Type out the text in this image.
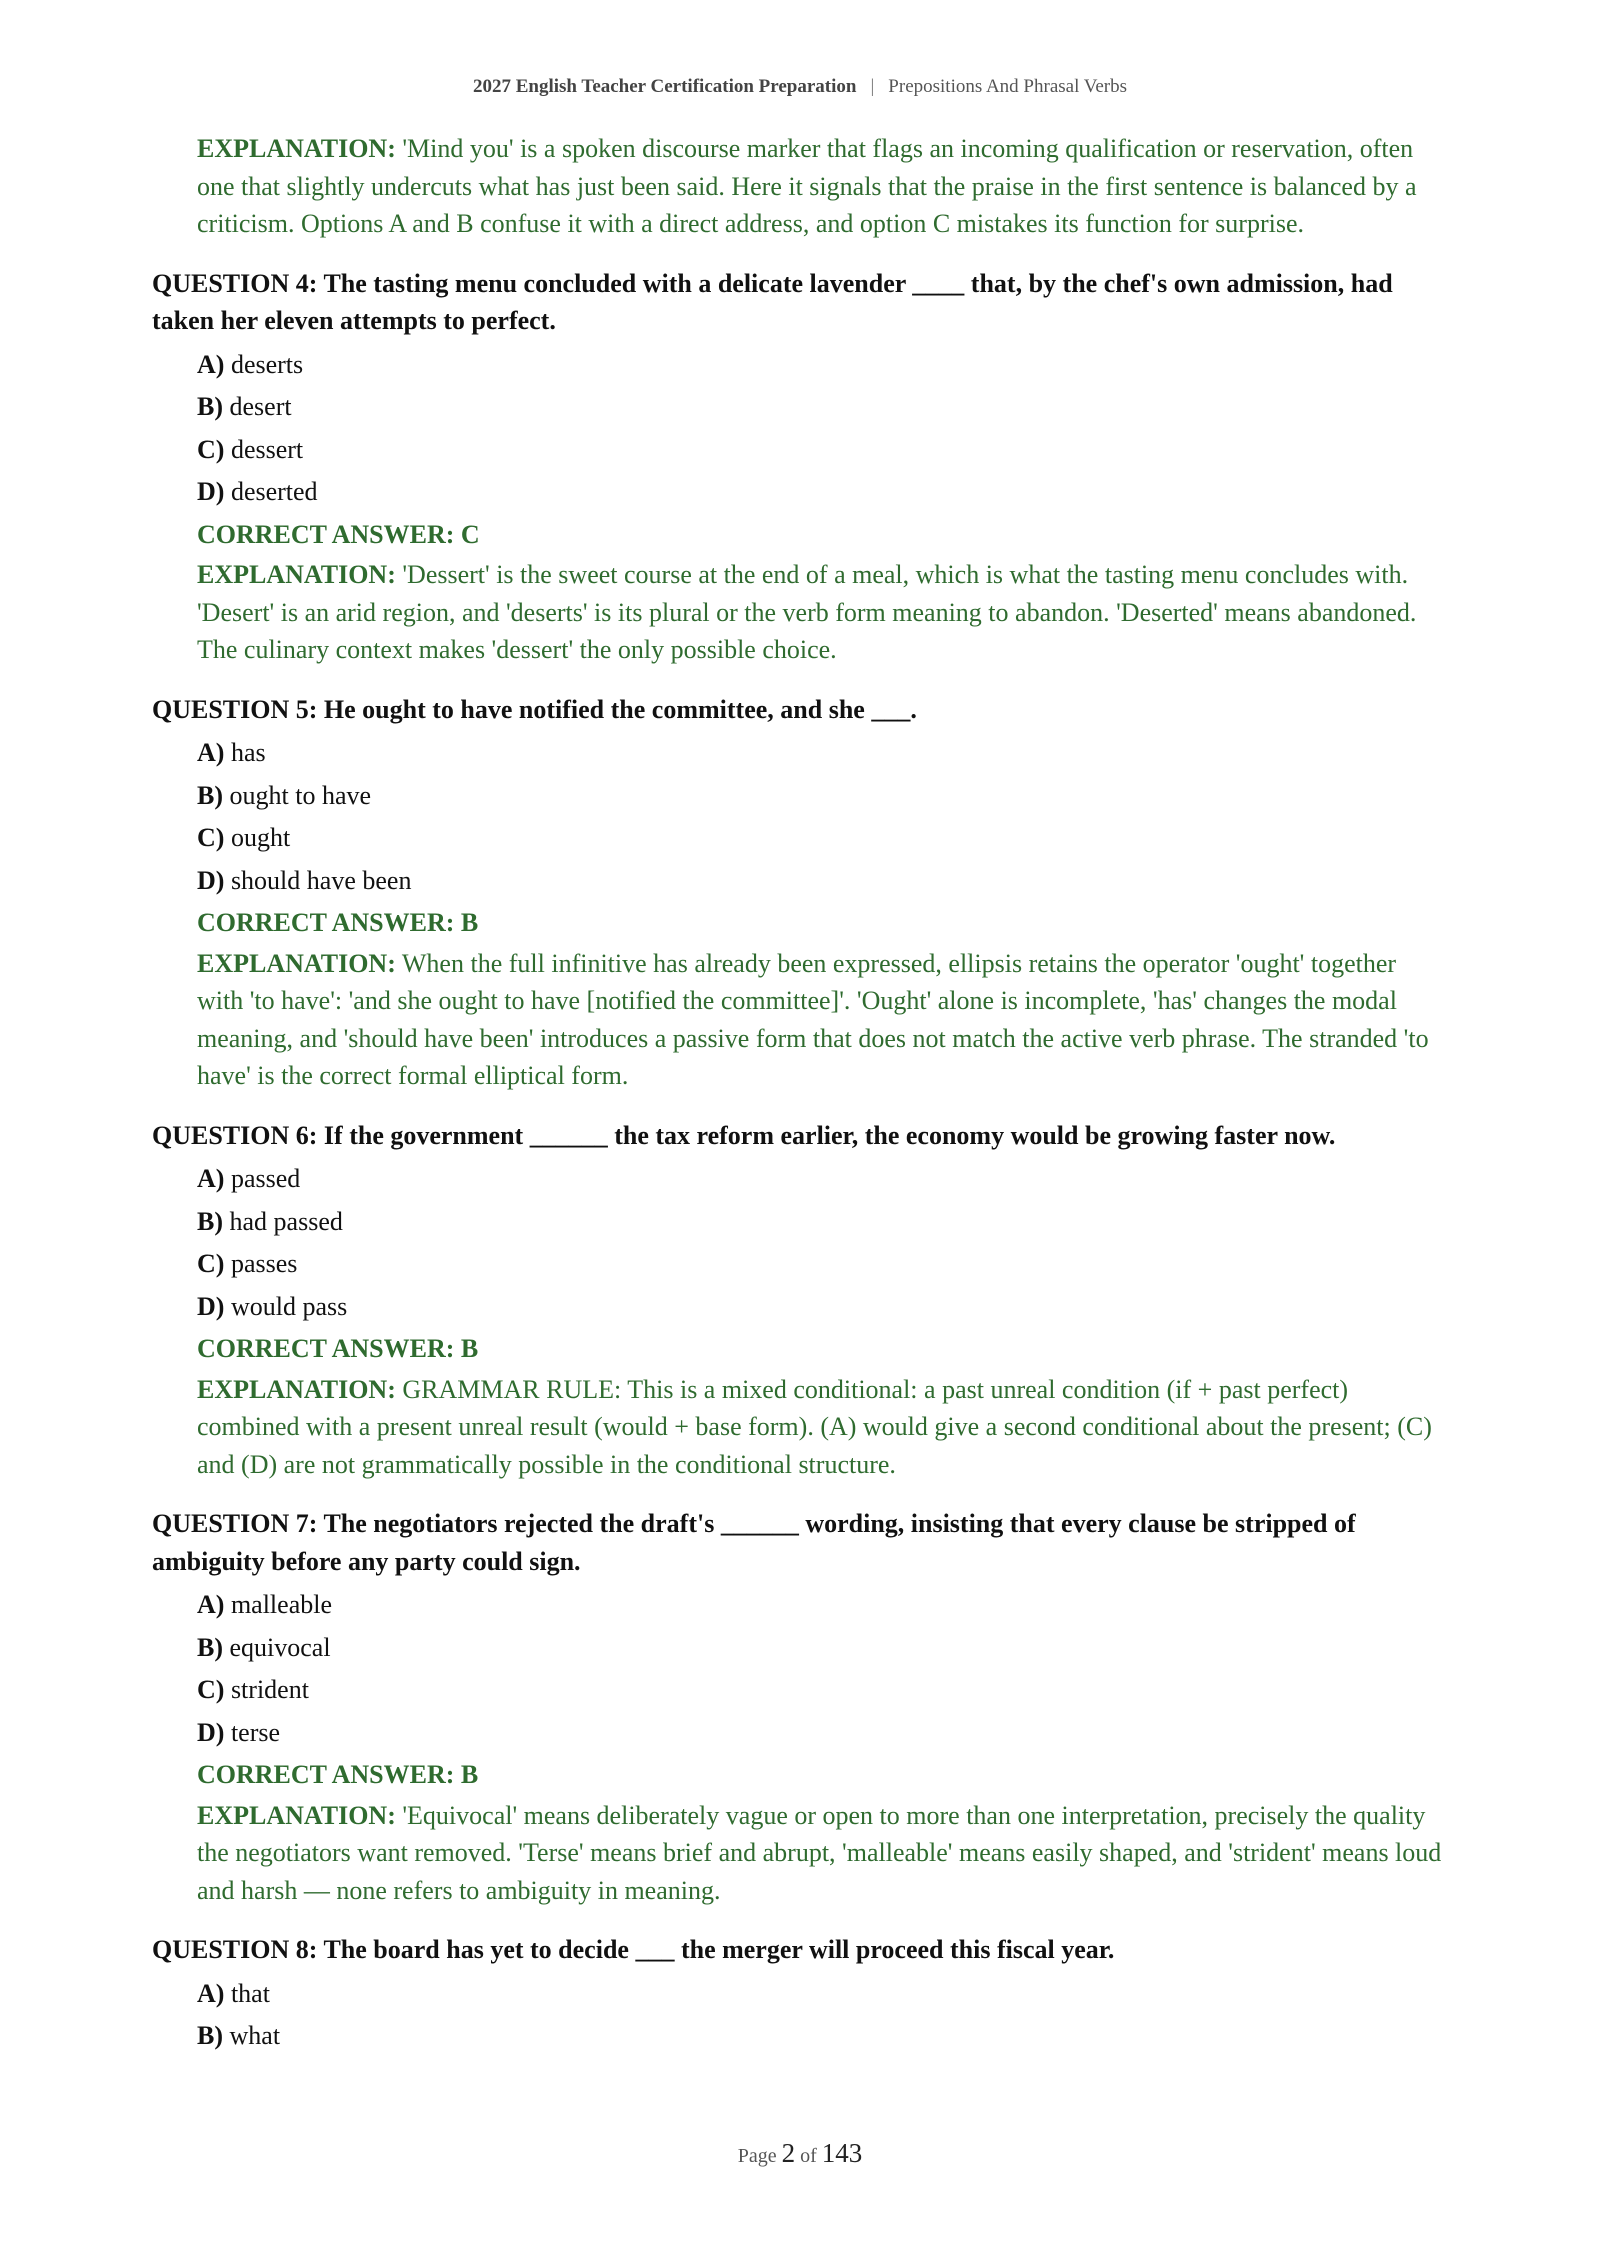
2027 English Teacher Certification Preparation | Prepositions And Phrasal Verbs
EXPLANATION: 'Mind you' is a spoken discourse marker that flags an incoming qualification or reservation, often one that slightly undercuts what has just been said. Here it signals that the praise in the first sentence is balanced by a criticism. Options A and B confuse it with a direct address, and option C mistakes its function for surprise.
QUESTION 4: The tasting menu concluded with a delicate lavender ____ that, by the chef's own admission, had taken her eleven attempts to perfect.
A) deserts
B) desert
C) dessert
D) deserted
CORRECT ANSWER: C
EXPLANATION: 'Dessert' is the sweet course at the end of a meal, which is what the tasting menu concludes with. 'Desert' is an arid region, and 'deserts' is its plural or the verb form meaning to abandon. 'Deserted' means abandoned. The culinary context makes 'dessert' the only possible choice.
QUESTION 5: He ought to have notified the committee, and she ___.
A) has
B) ought to have
C) ought
D) should have been
CORRECT ANSWER: B
EXPLANATION: When the full infinitive has already been expressed, ellipsis retains the operator 'ought' together with 'to have': 'and she ought to have [notified the committee]'. 'Ought' alone is incomplete, 'has' changes the modal meaning, and 'should have been' introduces a passive form that does not match the active verb phrase. The stranded 'to have' is the correct formal elliptical form.
QUESTION 6: If the government ______ the tax reform earlier, the economy would be growing faster now.
A) passed
B) had passed
C) passes
D) would pass
CORRECT ANSWER: B
EXPLANATION: GRAMMAR RULE: This is a mixed conditional: a past unreal condition (if + past perfect) combined with a present unreal result (would + base form). (A) would give a second conditional about the present; (C) and (D) are not grammatically possible in the conditional structure.
QUESTION 7: The negotiators rejected the draft's ______ wording, insisting that every clause be stripped of ambiguity before any party could sign.
A) malleable
B) equivocal
C) strident
D) terse
CORRECT ANSWER: B
EXPLANATION: 'Equivocal' means deliberately vague or open to more than one interpretation, precisely the quality the negotiators want removed. 'Terse' means brief and abrupt, 'malleable' means easily shaped, and 'strident' means loud and harsh — none refers to ambiguity in meaning.
QUESTION 8: The board has yet to decide ___ the merger will proceed this fiscal year.
A) that
B) what
Page 2 of 143
